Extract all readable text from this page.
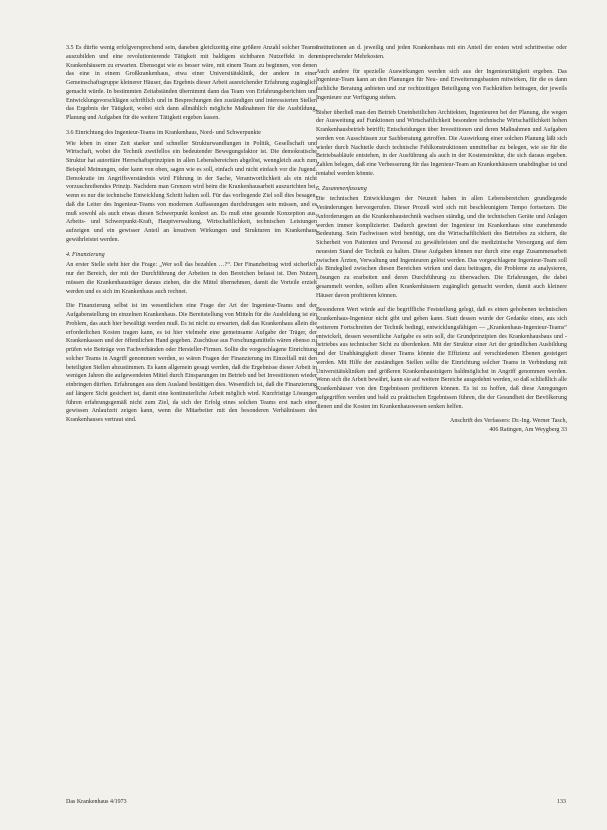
3.5 Es dürfte wenig erfolgversprechend sein, daneben gleichzeitig eine größere Anzahl solcher Teams auszubilden und eine revolutionierende Tätigkeit mit baldigem sichtbaren Nutzeffekt in den Krankenhäusern zu erwarten. Ebensogut wie es besser wäre, mit einem Team zu beginnen, von denen das eine in einem Großkrankenhaus, etwa einer Universitätsklinik, der andere in einer Gemeinschaftsgruppe kleinerer Häuser, das Ergebnis dieser Arbeit ausreichender Erfahrung zugänglich gemacht würde. In bestimmten Zeitabständen übernimmt dann das Team von Erfahrungsberichten und Entwicklungsvorschlägen schriftlich und in Besprechungen den zuständigen und interessierten Stellen das Ergebnis der Tätigkeit, wobei sich dann allmählich mögliche Maßnahmen für die Ausbildung, Planung und Aufgaben für die weitere Tätigkeit ergeben lassen.

3.6 Einrichtung des Ingenieur-Teams im Krankenhaus, Nord- und Schwerpunkte

Wie leben in einer Zeit starker und schneller Strukturwandlungen in Politik, Gesellschaft und Wirtschaft, wobei die Technik zweifellos ein bedeutender Bewegungsfaktor ist. Die demokratische Struktur hat autoritäre Herrschaftsprinzipien in allen Lebensbereichen abgelöst, wenngleich auch zum Beispiel Meinungen, oder kann von oben, sagen wie es soll, einfach und nicht einfach vor die Jugend. Demokratie im Angriffsverständnis wird Führung in der Sache, Verantwortlichkeit als ein nicht vorzuschreibendes Prinzip. Nachdem man Grenzen wird beim die Krankenhausarbeit auszurichten bei, wenn es nur die technische Entwicklung Schritt halten soll. Für das vorliegende Ziel soll dies besagen, daß die Leiter des Ingenieur-Teams von modernen Auffassungen durchdrungen sein müssen, und es muß sowohl als auch etwas diesen Schwerpunkt konkret an. Es muß eine gesunde Konzeption aus, Arbeits- und Schwerpunkt-Kraft, Hauptverwaltung, Wirtschaftlichkeit, technischen Leistungen aufzeigen und ein gewisser Anteil an kreativen Wirkungen und Strukturen im Krankenhaus gewährleistet werden.

4. Finanzierung

An erster Stelle steht hier die Frage: „Wer soll das bezahlen …?“. Der Finanzbeitrag wird sicherlich nur der Bereich, der mit der Durchführung der Arbeiten in den Bereichen befasst ist. Den Nutzen müssen die Krankenhausträger daraus ziehen, die die Mittel übernehmen, damit die Vorteile erzielt werden und es sich im Krankenhaus auch rechnet.

Die Finanzierung selbst ist im wesentlichen eine Frage der Art der Ingenieur-Teams und der Aufgabenstellung im einzelnen Krankenhaus. Die Bereitstellung von Mitteln für die Ausbildung ist ein Problem, das auch hier bewältigt werden muß. Es ist nicht zu erwarten, daß das Krankenhaus allein die erforderlichen Kosten tragen kann, es ist hier vielmehr eine gemeinsame Aufgabe der Träger, der Krankenkassen und der öffentlichen Hand gegeben. Zuschüsse aus Forschungsmitteln wären ebenso zu prüfen wie Beiträge von Fachverbänden oder Hersteller-Firmen. Sollte die vorgeschlagene Einrichtung solcher Teams in Angriff genommen werden, so wären Fragen der Finanzierung im Einzelfall mit den beteiligten Stellen abzustimmen. Es kann allgemein gesagt werden, daß die Ergebnisse dieser Arbeit in wenigen Jahren die aufgewendeten Mittel durch Einsparungen im Betrieb und bei Investitionen wieder einbringen dürften. Erfahrungen aus dem Ausland bestätigen dies. Wesentlich ist, daß die Finanzierung auf längere Sicht gesichert ist, damit eine kontinuierliche Arbeit möglich wird. Kurzfristige Lösungen führen erfahrungsgemäß nicht zum Ziel, da sich der Erfolg eines solchen Teams erst nach einer gewissen Anlaufzeit zeigen kann, wenn die Mitarbeiter mit den besonderen Verhältnissen des Krankenhauses vertraut sind.

Institutionen an d. jeweilig und jeden Krankenhaus mit ein Anteil der ersten wird schrittweise oder entsprechender Mehrkosten.

Auch andere für spezielle Auswirkungen werden sich aus der Ingenieurtätigkeit ergeben. Das Ingenieur-Team kann an den Planungen für Neu- und Erweiterungsbauten mitwirken, für die es dann fachliche Beratung anbieten und zur rechtzeitigen Beteiligung von Fachkräften beitragen, der jeweils Ingenieure zur Verfügung stehen.

Bisher überließ man den Betrieb Uneinheitlichen Architekten, Ingenieuren bei der Planung, die wegen der Ausweitung auf Funktionen und Wirtschaftlichkeit besondere technische Wirtschaftlichkeit hohen Krankenhausbetrieb betrifft; Entscheidungen über Investitionen und deren Maßnahmen und Aufgaben werden von Ausschüssen zur Sachberatung getroffen. Die Auswirkung einer solchen Planung läßt sich wieder durch Nachteile durch technische Fehlkonstruktionen unmittelbar zu belegen, wie sie für die Betriebsabläufe entstehen, in der Ausführung als auch in der Kostenstruktur, die sich daraus ergeben. Zahlen belegen, daß eine Verbesserung für das Ingenieur-Team an Krankenhäusern unabdingbar ist und rentabel werden könnte.

5. Zusammenfassung

Die technischen Entwicklungen der Neuzeit haben in allen Lebensbereichen grundlegende Veränderungen hervorgerufen. Dieser Prozeß wird sich mit beschleunigtem Tempo fortsetzen. Die Anforderungen an die Krankenhaustechnik wachsen ständig, und die technischen Geräte und Anlagen werden immer komplizierter. Dadurch gewinnt der Ingenieur im Krankenhaus eine zunehmende Bedeutung. Sein Fachwissen wird benötigt, um die Wirtschaftlichkeit des Betriebes zu sichern, die Sicherheit von Patienten und Personal zu gewährleisten und die medizinische Versorgung auf dem neuesten Stand der Technik zu halten. Diese Aufgaben können nur durch eine enge Zusammenarbeit zwischen Ärzten, Verwaltung und Ingenieuren gelöst werden. Das vorgeschlagene Ingenieur-Team soll als Bindeglied zwischen diesen Bereichen wirken und dazu beitragen, die Probleme zu analysieren, Lösungen zu erarbeiten und deren Durchführung zu überwachen. Die Erfahrungen, die dabei gesammelt werden, sollten allen Krankenhäusern zugänglich gemacht werden, damit auch kleinere Häuser davon profitieren können.

Besonderen Wert würde auf die begriffliche Feststellung gelegt, daß es einen gehobenen technischen Krankenhaus-Ingenieur nicht gibt und geben kann. Statt dessen wurde der Gedanke eines, aus sich weiterem Fortschreiten der Technik bedingt, entwicklungsfähigen — „Krankenhaus-Ingenieur-Teams“ entwickelt, dessen wesentliche Aufgabe es sein soll, die Grundprinzipien des Krankenhausbaus und -betriebes aus technischer Sicht zu überdenken. Mit der Struktur einer Art der gründlichen Ausbildung und der Unabhängigkeit dieser Teams könnte die Effizienz auf verschiedenen Ebenen gesteigert werden. Mit Hilfe der zuständigen Stellen sollte die Einrichtung solcher Teams in Verbindung mit Universitätskliniken und größeren Krankenhausträgern baldmöglichst in Angriff genommen werden. Wenn sich die Arbeit bewährt, kann sie auf weitere Bereiche ausgedehnt werden, so daß schließlich alle Krankenhäuser von den Ergebnissen profitieren können. Es ist zu hoffen, daß diese Anregungen aufgegriffen werden und bald zu praktischen Ergebnissen führen, die der Gesundheit der Bevölkerung dienen und die Kosten im Krankenhauswesen senken helfen.

Anschrift des Verfassers: Dr.-Ing. Werner Tasch,
406 Ratingen, Am Weygberg 33

Das Krankenhaus 4/1973	133
